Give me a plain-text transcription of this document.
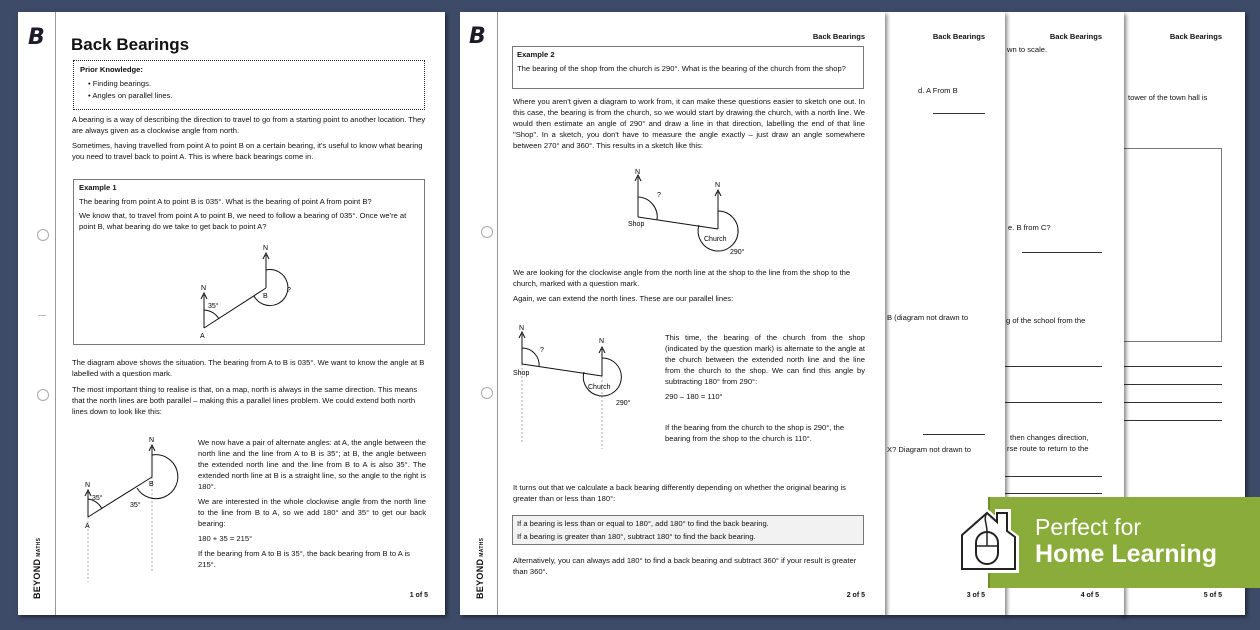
Back Bearings
tower of the town hall is
5 of 5
Back Bearings
wn to scale.
e. B from C?
g of the school from the
then changes direction,
rse route to return to the
4 of 5
Back Bearings
d. A From B
B (diagram not drawn to
X? Diagram not drawn to
3 of 5
B
BEYONDMATHS
Back Bearings

Example 2

The bearing of the shop from the church is 290°. What is the bearing of the church from the shop?

Where you aren't given a diagram to work from, it can make these questions easier to sketch one out. In this case, the bearing is from the church, so we would start by drawing the church, with a north line. We would then estimate an angle of 290° and draw a line in that direction, labelling the end of that line "Shop". In a sketch, you don't have to measure the angle exactly – just draw an angle somewhere between 270° and 360°. This results in a sketch like this:

N
?
Shop
N
Church
290°

We are looking for the clockwise angle from the north line at the shop to the line from the shop to the church, marked with a question mark.

Again, we can extend the north lines. These are our parallel lines:

N
?
Shop
N
Church
290°

This time, the bearing of the church from the shop (indicated by the question mark) is alternate to the angle at the church between the extended north line and the line from the church to the shop. We can find this angle by subtracting 180° from 290°:

290 – 180 = 110°

If the bearing from the church to the shop is 290°, the bearing from the shop to the church is 110°.

It turns out that we calculate a back bearing differently depending on whether the original bearing is greater than or less than 180°:

If a bearing is less than or equal to 180°, add 180° to find the back bearing.

If a bearing is greater than 180°, subtract 180° to find the back bearing.

Alternatively, you can always add 180° to find a back bearing and subtract 360° if your result is greater than 360°.

2 of 5
B
BEYONDMATHS
Back Bearings

Prior Knowledge:

• Finding bearings.

• Angles on parallel lines.

A bearing is a way of describing the direction to travel to go from a starting point to another location. They are always given as a clockwise angle from north.

Sometimes, having travelled from point A to point B on a certain bearing, it's useful to know what bearing you need to travel back to point A. This is where back bearings come in.

Example 1

The bearing from point A to point B is 035°. What is the bearing of point A from point B?

We know that, to travel from point A to point B, we need to follow a bearing of 035°. Once we're at point B, what bearing do we take to get back to point A?

N
A
35°
N
B
?

The diagram above shows the situation. The bearing from A to B is 035°. We want to know the angle at B labelled with a question mark.

The most important thing to realise is that, on a map, north is always in the same direction. This means that the north lines are both parallel – making this a parallel lines problem. We could extend both north lines down to look like this:

N
A
35°
N
B
35°

We now have a pair of alternate angles: at A, the angle between the north line and the line from A to B is 35°; at B, the angle between the extended north line and the line from B to A is also 35°. The extended north line at B is a straight line, so the angle to the right is 180°.

We are interested in the whole clockwise angle from the north line to the line from B to A, so we add 180° and 35° to get our back bearing:

180 + 35 = 215°

If the bearing from A to B is 35°, the back bearing from B to A is 215°.

1 of 5
Perfect for
Home Learning
